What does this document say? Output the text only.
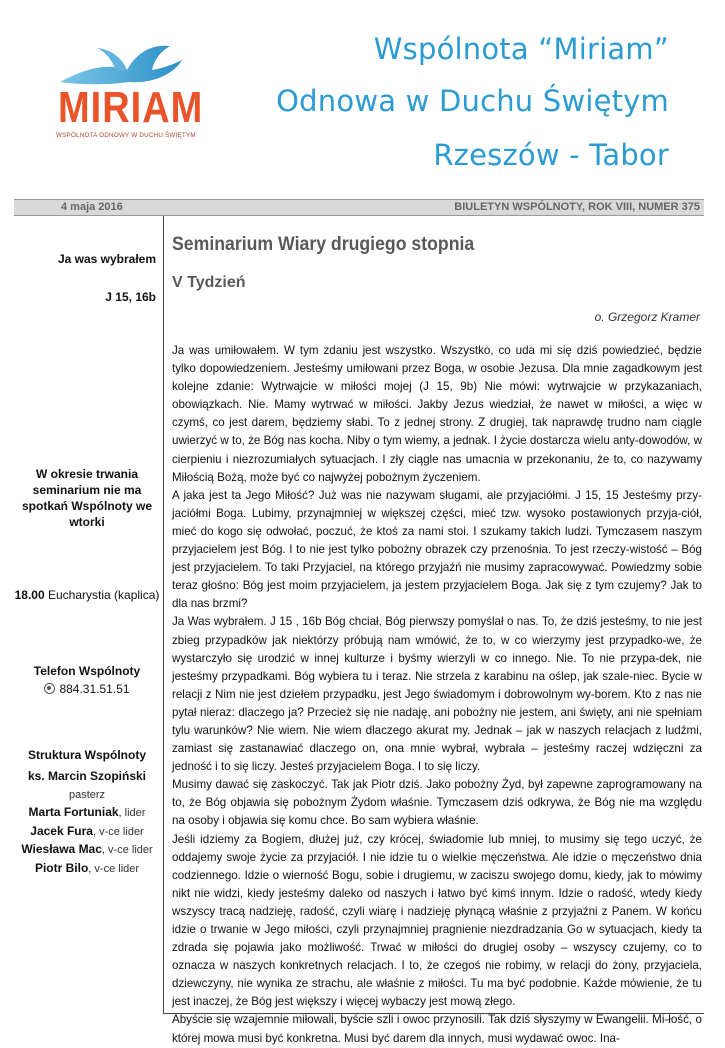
MIRIAM
WSPÓLNOTA ODNOWY W DUCHU ŚWIĘTYM
Wspólnota “Miriam”
Odnowa w Duchu Świętym
Rzeszów - Tabor
4 maja 2016	BIULETYN WSPÓLNOTY, ROK VIII, NUMER 375
Ja was wybrałem
J 15, 16b
W okresie trwania seminarium nie ma spotkań Wspólnoty we wtorki
18.00 Eucharystia (kaplica)
Telefon Wspólnoty
884.31.51.51
Struktura Wspólnoty
ks. Marcin Szopiński
pasterz
Marta Fortuniak, lider
Jacek Fura, v-ce lider
Wiesława Mac, v-ce lider
Piotr Bilo, v-ce lider
Seminarium Wiary drugiego stopnia
V Tydzień
o. Grzegorz Kramer

Ja was umiłowałem. W tym zdaniu jest wszystko. Wszystko, co uda mi się dziś powiedzieć, będzie tylko dopowiedzeniem. Jesteśmy umiłowani przez Boga, w osobie Jezusa. Dla mnie zagadkowym jest kolejne zdanie: Wytrwajcie w miłości mojej (J 15, 9b) Nie mówi: wytrwajcie w przykazaniach, obowiązkach. Nie. Mamy wytrwać w miłości. Jakby Jezus wiedział, że nawet w miłości, a więc w czymś, co jest darem, będziemy słabi. To z jednej strony. Z drugiej, tak naprawdę trudno nam ciągle uwierzyć w to, że Bóg nas kocha. Niby o tym wiemy, a jednak. I życie dostarcza wielu anty-dowodów, w cierpieniu i niezrozumiałych sytuacjach. I zły ciągle nas umacnia w przekonaniu, że to, co nazywamy Miłością Bożą, może być co najwyżej pobożnym życzeniem.

A jaka jest ta Jego Miłość? Już was nie nazywam sługami, ale przyjaciółmi. J 15, 15 Jesteśmy przy-jaciółmi Boga. Lubimy, przynajmniej w większej części, mieć tzw. wysoko postawionych przyja-ciół, mieć do kogo się odwołać, poczuć, że ktoś za nami stoi. I szukamy takich ludzi. Tymczasem naszym przyjacielem jest Bóg. I to nie jest tylko pobożny obrazek czy przenośnia. To jest rzeczy-wistość – Bóg jest przyjacielem. To taki Przyjaciel, na którego przyjaźń nie musimy zapracowywać. Powiedzmy sobie teraz głośno: Bóg jest moim przyjacielem, ja jestem przyjacielem Boga. Jak się z tym czujemy? Jak to dla nas brzmi?

Ja Was wybrałem. J 15 , 16b Bóg chciał, Bóg pierwszy pomyślał o nas. To, że dziś jesteśmy, to nie jest zbieg przypadków jak niektórzy próbują nam wmówić, że to, w co wierzymy jest przypadko-we, że wystarczyło się urodzić w innej kulturze i byśmy wierzyli w co innego. Nie. To nie przypa-dek, nie jesteśmy przypadkami. Bóg wybiera tu i teraz. Nie strzela z karabinu na oślep, jak szale-niec. Bycie w relacji z Nim nie jest dziełem przypadku, jest Jego świadomym i dobrowolnym wy-borem. Kto z nas nie pytał nieraz: dlaczego ja? Przecież się nie nadaję, ani pobożny nie jestem, ani święty, ani nie spełniam tylu warunków? Nie wiem. Nie wiem dlaczego akurat my. Jednak – jak w naszych relacjach z ludźmi, zamiast się zastanawiać dlaczego on, ona mnie wybrał, wybrała – jesteśmy raczej wdzięczni za jedność i to się liczy. Jesteś przyjacielem Boga. I to się liczy.

Musimy dawać się zaskoczyć. Tak jak Piotr dziś. Jako pobożny Żyd, był zapewne zaprogramowany na to, że Bóg objawia się pobożnym Żydom właśnie. Tymczasem dziś odkrywa, że Bóg nie ma względu na osoby i objawia się komu chce. Bo sam wybiera właśnie.

Jeśli idziemy za Bogiem, dłużej już, czy krócej, świadomie lub mniej, to musimy się tego uczyć, że oddajemy swoje życie za przyjaciół. I nie idzie tu o wielkie męczeństwa. Ale idzie o męczeństwo dnia codziennego. Idzie o wierność Bogu, sobie i drugiemu, w zaciszu swojego domu, kiedy, jak to mówimy nikt nie widzi, kiedy jesteśmy daleko od naszych i łatwo być kimś innym. Idzie o radość, wtedy kiedy wszyscy tracą nadzieję, radość, czyli wiarę i nadzieję płynącą właśnie z przyjaźni z Panem. W końcu idzie o trwanie w Jego miłości, czyli przynajmniej pragnienie niezdradzania Go w sytuacjach, kiedy ta zdrada się pojawia jako możliwość. Trwać w miłości do drugiej osoby – wszyscy czujemy, co to oznacza w naszych konkretnych relacjach. I to, że czegoś nie robimy, w relacji do żony, przyjaciela, dziewczyny, nie wynika ze strachu, ale właśnie z miłości. Tu ma być podobnie. Każde mówienie, że tu jest inaczej, że Bóg jest większy i więcej wybaczy jest mową złego.

Abyście się wzajemnie miłowali, byście szli i owoc przynosili. Tak dziś słyszymy w Ewangelii. Mi-łość, o której mowa musi być konkretna. Musi być darem dla innych, musi wydawać owoc. Ina-
